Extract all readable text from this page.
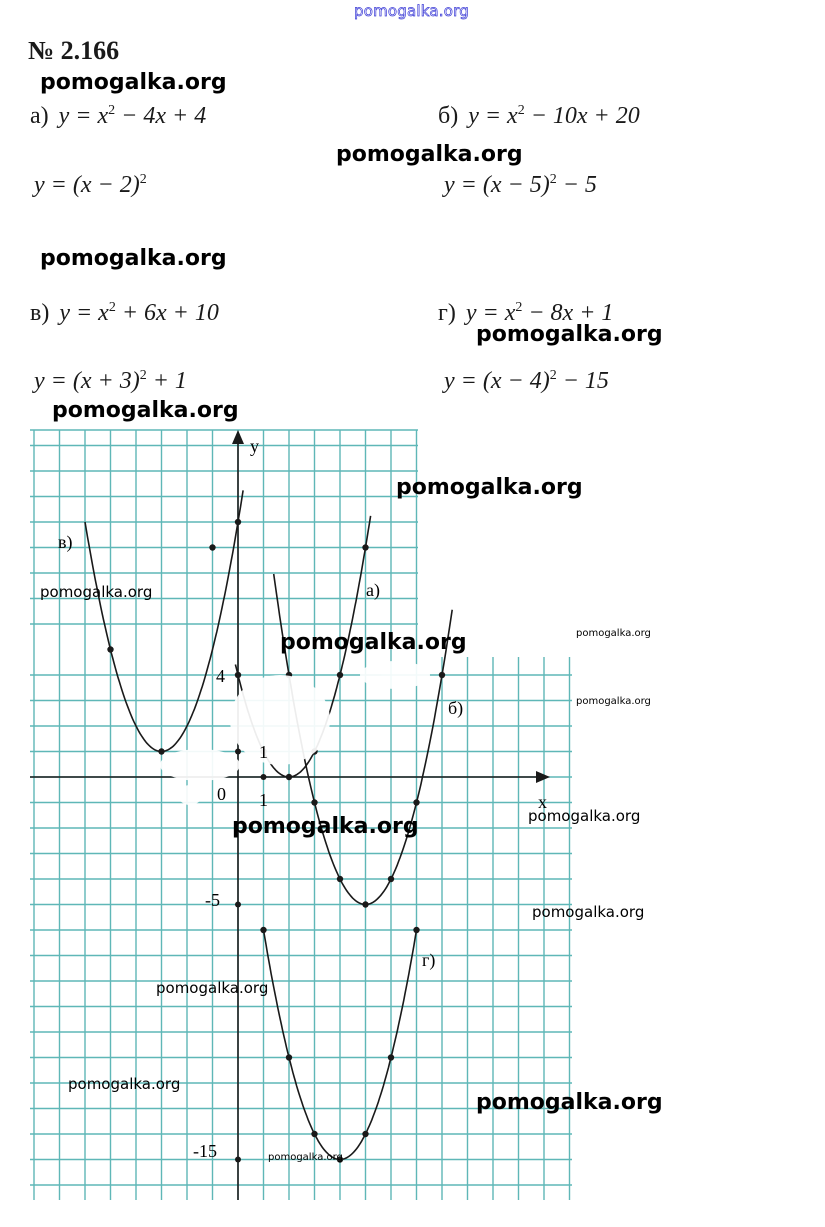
pomogalka.org
№ 2.166
pomogalka.org
pomogalka.org
pomogalka.org
pomogalka.org
pomogalka.org
а) $y = x^2 - 4x + 4$	б) $y = x^2 - 10x + 20$
$y = (x - 2)^2$	$y = (x - 5)^2 - 5$
в) $y = x^2 + 6x + 10$	г) $y = x^2 - 8x + 1$
$y = (x + 3)^2 + 1$	$y = (x - 4)^2 - 15$
y
x
0 1
1
4
-5
-15
а)
б)
в)
г)
pomogalka.org
pomogalka.org
pomogalka.org	pomogalka.org
pomogalka.org
pomogalka.org	pomogalka.org
pomogalka.org
pomogalka.org
pomogalka.org
pomogalka.org
pomogalka.org
